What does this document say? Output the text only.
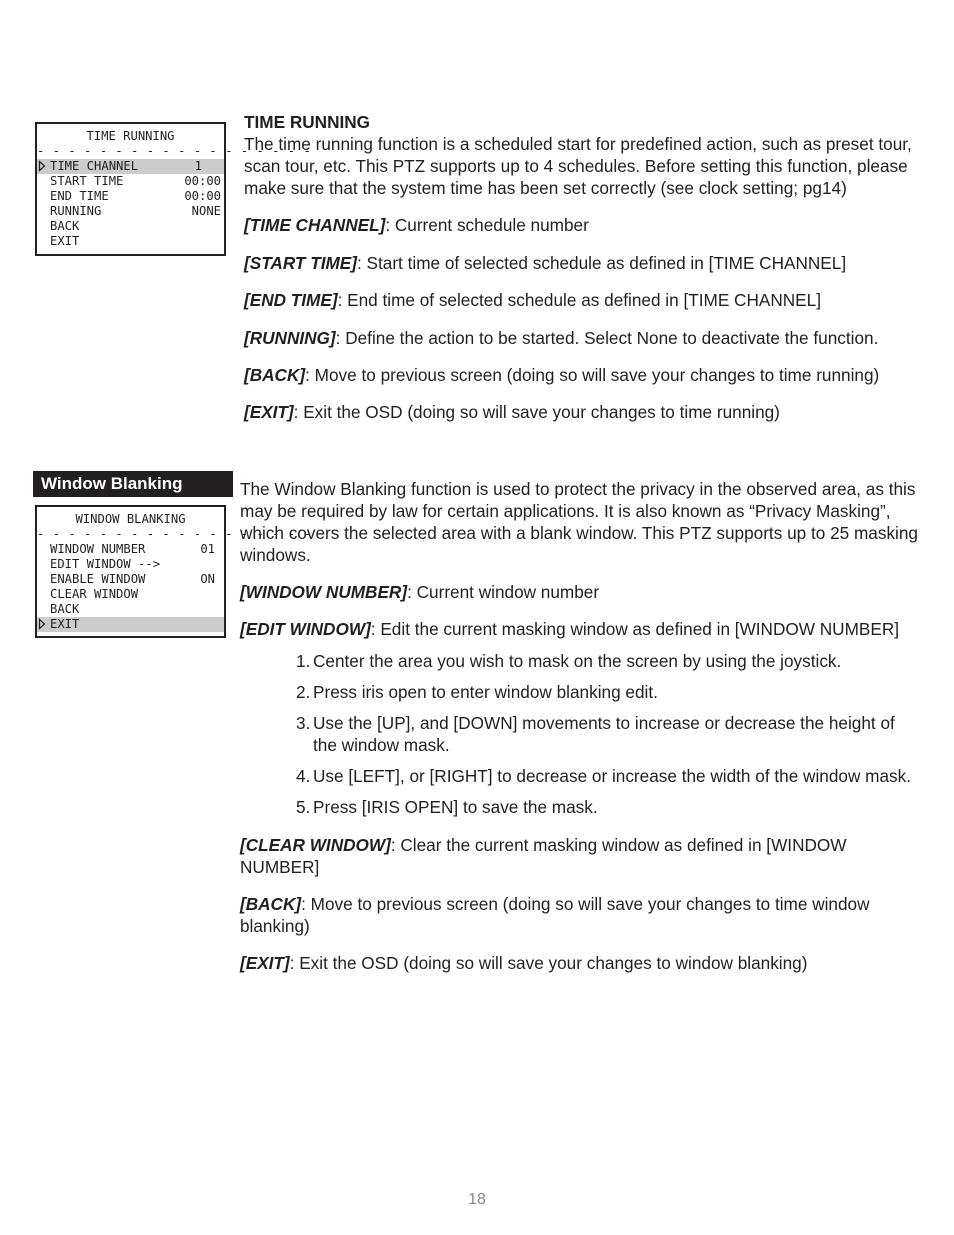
TIME RUNNING
- - - - - - - - - - - - - - - - - -
TIME CHANNEL	1
START TIME	00:00
END TIME	00:00
RUNNING	NONE
BACK
EXIT
TIME RUNNING

The time running function is a scheduled start for predefined action, such as preset tour, scan tour, etc. This PTZ supports up to 4 schedules. Before setting this function, please make sure that the system time has been set correctly (see clock setting; pg14)

[TIME CHANNEL]: Current schedule number

[START TIME]: Start time of selected schedule as defined in [TIME CHANNEL]

[END TIME]: End time of selected schedule as defined in [TIME CHANNEL]

[RUNNING]: Define the action to be started. Select None to deactivate the function.

[BACK]: Move to previous screen (doing so will save your changes to time running)

[EXIT]: Exit the OSD (doing so will save your changes to time running)

Window Blanking
WINDOW BLANKING
- - - - - - - - - - - - - - - - - -
WINDOW NUMBER	01
EDIT WINDOW -->
ENABLE WINDOW	ON
CLEAR WINDOW
BACK
EXIT

The Window Blanking function is used to protect the privacy in the observed area, as this may be required by law for certain applications. It is also known as “Privacy Masking”, which covers the selected area with a blank window. This PTZ supports up to 25 masking windows.

[WINDOW NUMBER]: Current window number

[EDIT WINDOW]: Edit the current masking window as defined in [WINDOW NUMBER]

1. Center the area you wish to mask on the screen by using the joystick.
2. Press iris open to enter window blanking edit.
3. Use the [UP], and [DOWN] movements to increase or decrease the height of the window mask.
4. Use [LEFT], or [RIGHT] to decrease or increase the width of the window mask.
5. Press [IRIS OPEN] to save the mask.

[CLEAR WINDOW]: Clear the current masking window as defined in [WINDOW NUMBER]

[BACK]: Move to previous screen (doing so will save your changes to time window blanking)

[EXIT]: Exit the OSD (doing so will save your changes to window blanking)

18
